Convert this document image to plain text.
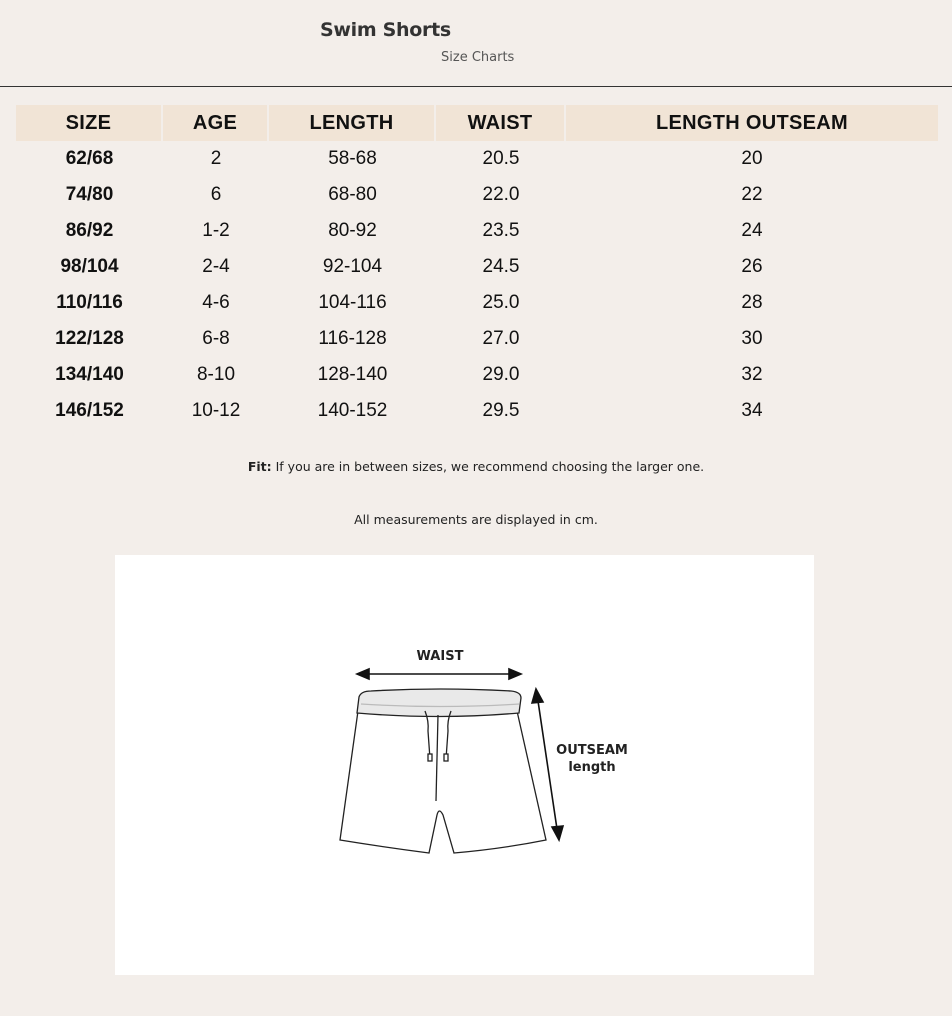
Swim Shorts
Size Charts
SIZE	AGE	LENGTH	WAIST	LENGTH OUTSEAM
62/68	2	58-68	20.5	20
74/80	6	68-80	22.0	22
86/92	1-2	80-92	23.5	24
98/104	2-4	92-104	24.5	26
110/116	4-6	104-116	25.0	28
122/128	6-8	116-128	27.0	30
134/140	8-10	128-140	29.0	32
146/152	10-12	140-152	29.5	34
Fit: If you are in between sizes, we recommend choosing the larger one.
All measurements are displayed in cm.
WAIST
OUTSEAM
length
